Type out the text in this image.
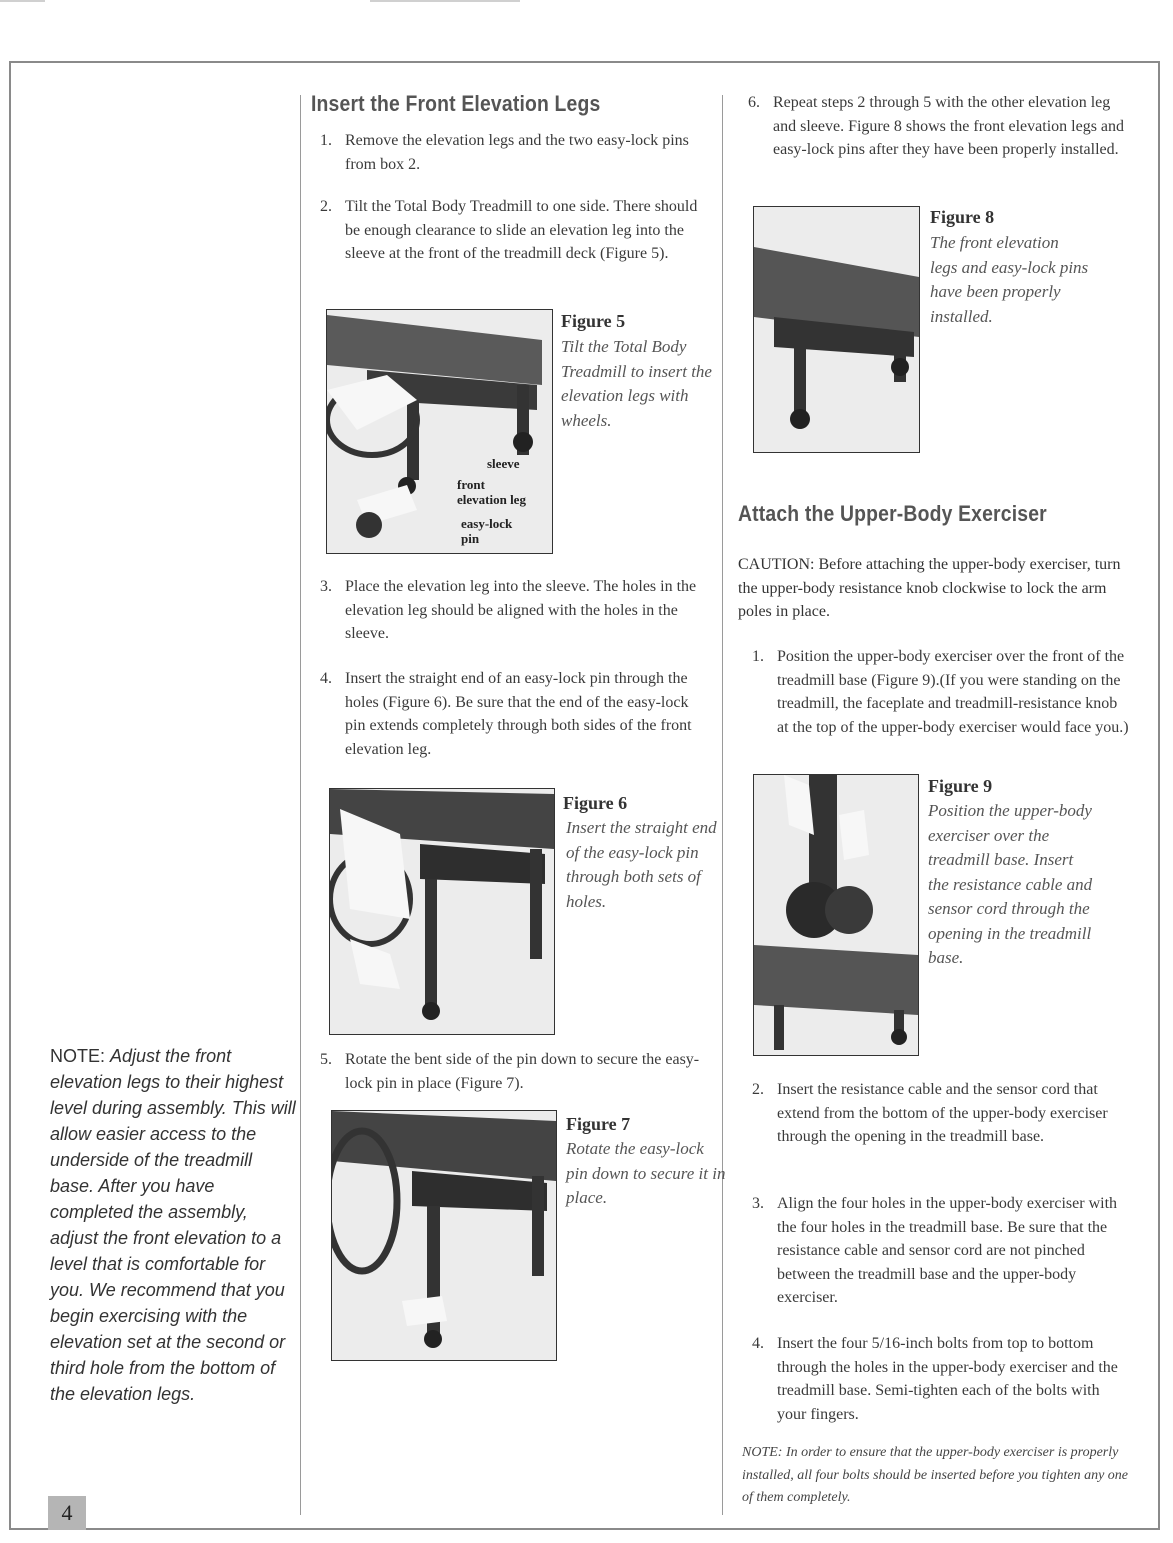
4
Insert the Front Elevation Legs
1. Remove the elevation legs and the two easy-lock pins from box 2.
2. Tilt the Total Body Treadmill to one side. There should be enough clearance to slide an elevation leg into the sleeve at the front of the treadmill deck (Figure 5).
sleeve
front
elevation leg
easy-lock
pin
Figure 5
Tilt the Total Body Treadmill to insert the elevation legs with wheels.
3. Place the elevation leg into the sleeve. The holes in the elevation leg should be aligned with the holes in the sleeve.
4. Insert the straight end of an easy-lock pin through the holes (Figure 6). Be sure that the end of the easy-lock pin extends completely through both sides of the front elevation leg.
Figure 6
Insert the straight end of the easy-lock pin through both sets of holes.
5. Rotate the bent side of the pin down to secure the easy-lock pin in place (Figure 7).
Figure 7
Rotate the easy-lock pin down to secure it in place.
NOTE: Adjust the front elevation legs to their highest level during assembly. This will allow easier access to the underside of the treadmill base. After you have completed the assembly, adjust the front elevation to a level that is comfortable for you. We recommend that you begin exercising with the elevation set at the second or third hole from the bottom of the elevation legs.
6. Repeat steps 2 through 5 with the other elevation leg and sleeve. Figure 8 shows the front elevation legs and easy-lock pins after they have been properly installed.
Figure 8
The front elevation legs and easy-lock pins have been properly installed.
Attach the Upper-Body Exerciser
CAUTION: Before attaching the upper-body exerciser, turn the upper-body resistance knob clockwise to lock the arm poles in place.
1. Position the upper-body exerciser over the front of the treadmill base (Figure 9).(If you were standing on the treadmill, the faceplate and treadmill-resistance knob at the top of the upper-body exerciser would face you.)
Figure 9
Position the upper-body exerciser over the treadmill base. Insert the resistance cable and sensor cord through the opening in the treadmill base.
2. Insert the resistance cable and the sensor cord that extend from the bottom of the upper-body exerciser through the opening in the treadmill base.
3. Align the four holes in the upper-body exerciser with the four holes in the treadmill base. Be sure that the resistance cable and sensor cord are not pinched between the treadmill base and the upper-body exerciser.
4. Insert the four 5/16-inch bolts from top to bottom through the holes in the upper-body exerciser and the treadmill base. Semi-tighten each of the bolts with your fingers.
NOTE: In order to ensure that the upper-body exerciser is properly installed, all four bolts should be inserted before you tighten any one of them completely.
